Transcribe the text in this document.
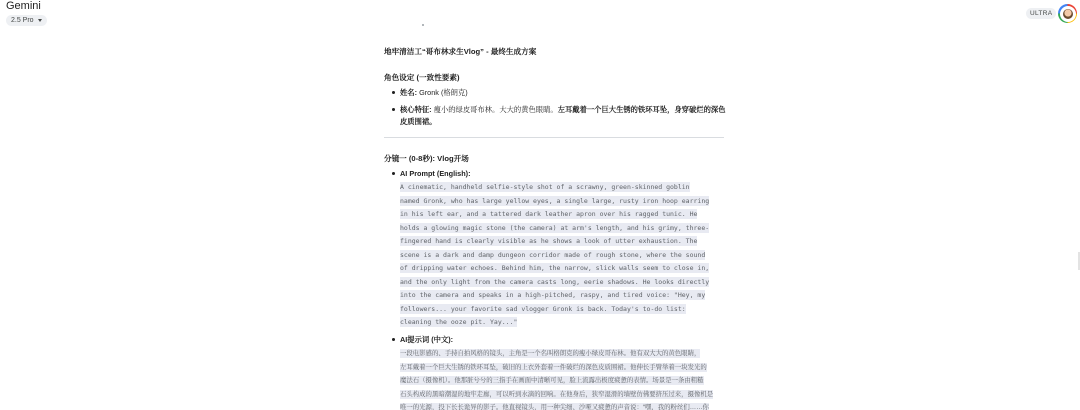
Gemini
2.5 Pro
ULTRA
地牢清洁工“哥布林求生Vlog” - 最终生成方案
角色设定 (一致性要素)
姓名: Gronk (格朗克)
核心特征: 瘦小的绿皮哥布林。大大的黄色眼睛。左耳戴着一个巨大生锈的铁环耳坠，身穿破烂的深色皮质围裙。
分镜一 (0-8秒): Vlog开场
AI Prompt (English):
A cinematic, handheld selfie-style shot of a scrawny, green-skinned goblin
named Gronk, who has large yellow eyes, a single large, rusty iron hoop earring
in his left ear, and a tattered dark leather apron over his ragged tunic. He
holds a glowing magic stone (the camera) at arm's length, and his grimy, three-
fingered hand is clearly visible as he shows a look of utter exhaustion. The
scene is a dark and damp dungeon corridor made of rough stone, where the sound
of dripping water echoes. Behind him, the narrow, slick walls seem to close in,
and the only light from the camera casts long, eerie shadows. He looks directly
into the camera and speaks in a high-pitched, raspy, and tired voice: "Hey, my
followers... your favorite sad vlogger Gronk is back. Today's to-do list:
cleaning the ooze pit. Yay..."
AI提示词 (中文):
一段电影感的、手持自拍风格的镜头，主角是一个名叫格朗克的瘦小绿皮哥布林。他有双大大的黄色眼睛，
左耳戴着一个巨大生锈的铁环耳坠，破旧的上衣外套着一件破烂的深色皮质围裙。他伸长手臂举着一块发光的
魔法石（摄像机）。他那脏兮兮的三指手在画面中清晰可见，脸上流露出极度疲惫的表情。场景是一条由粗糙
石头构成的黑暗潮湿的地牢走廊，可以听到水滴的回响。在他身后，狭窄湿滑的墙壁仿佛要挤压过来，摄像机是
唯一的光源，投下长长诡异的影子。他直视镜头，用一种尖细、沙哑又疲惫的声音说：“嘿，我的粉丝们……你
